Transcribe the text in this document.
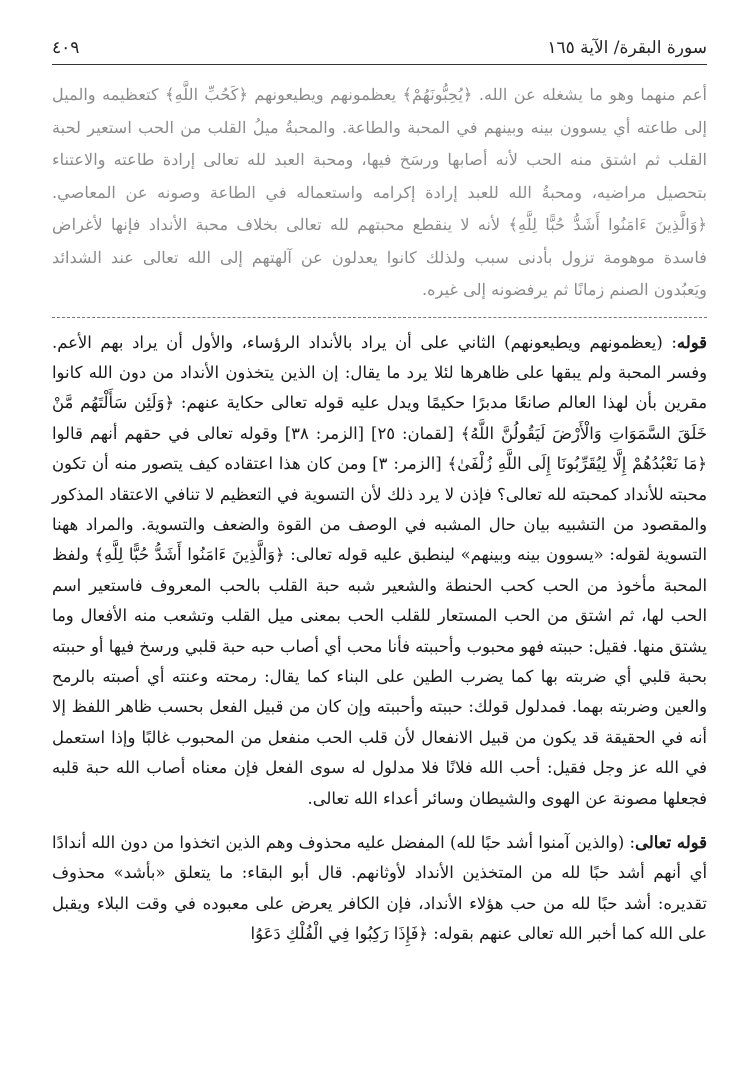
سورة البقرة/ الآية ١٦٥
٤٠٩
أعم منهما وهو ما يشغله عن الله. ﴿يُحِبُّونَهُمْ﴾ يعظمونهم ويطيعونهم ﴿كَحُبِّ اللَّهِ﴾ كتعظيمه والميل إلى طاعته أي يسوون بينه وبينهم في المحبة والطاعة. والمحبةُ ميلُ القلب من الحب استعير لحبة القلب ثم اشتق منه الحب لأنه أصابها ورسَخ فيها، ومحبة العبد لله تعالى إرادة طاعته والاعتناء بتحصيل مراضيه، ومحبةُ الله للعبد إرادة إكرامه واستعماله في الطاعة وصونه عن المعاصي. ﴿وَالَّذِينَ ءَامَنُوا أَشَدُّ حُبًّا لِلَّهِ﴾ لأنه لا ينقطع محبتهم لله تعالى بخلاف محبة الأنداد فإنها لأغراض فاسدة موهومة تزول بأدنى سبب ولذلك كانوا يعدلون عن آلهتهم إلى الله تعالى عند الشدائد ويَعبُدون الصنم زمانًا ثم يرفضونه إلى غيره.

قوله: (يعظمونهم ويطيعونهم) الثاني على أن يراد بالأنداد الرؤساء، والأول أن يراد بهم الأعم. وفسر المحبة ولم يبقها على ظاهرها لئلا يرد ما يقال: إن الذين يتخذون الأنداد من دون الله كانوا مقرين بأن لهذا العالم صانعًا مدبرًا حكيمًا ويدل عليه قوله تعالى حكاية عنهم: ﴿وَلَئِن سَأَلْتَهُم مَّنْ خَلَقَ السَّمَوَاتِ وَالْأَرْضَ لَيَقُولُنَّ اللَّهُ﴾ [لقمان: ٢٥] [الزمر: ٣٨] وقوله تعالى في حقهم أنهم قالوا ﴿مَا نَعْبُدُهُمْ إِلَّا لِيُقَرِّبُونَا إِلَى اللَّهِ زُلْفَىٰ﴾ [الزمر: ٣] ومن كان هذا اعتقاده كيف يتصور منه أن تكون محبته للأنداد كمحبته لله تعالى؟ فإذن لا يرد ذلك لأن التسوية في التعظيم لا تنافي الاعتقاد المذكور والمقصود من التشبيه بيان حال المشبه في الوصف من القوة والضعف والتسوية. والمراد ههنا التسوية لقوله: «يسوون بينه وبينهم» لينطبق عليه قوله تعالى: ﴿وَالَّذِينَ ءَامَنُوا أَشَدُّ حُبًّا لِلَّهِ﴾ ولفظ المحبة مأخوذ من الحب كحب الحنطة والشعير شبه حبة القلب بالحب المعروف فاستعير اسم الحب لها، ثم اشتق من الحب المستعار للقلب الحب بمعنى ميل القلب وتشعب منه الأفعال وما يشتق منها. فقيل: حببته فهو محبوب وأحببته فأنا محب أي أصاب حبه حبة قلبي ورسخ فيها أو حببته بحبة قلبي أي ضربته بها كما يضرب الطين على البناء كما يقال: رمحته وعنته أي أصبته بالرمح والعين وضربته بهما. فمدلول قولك: حببته وأحببته وإن كان من قبيل الفعل بحسب ظاهر اللفظ إلا أنه في الحقيقة قد يكون من قبيل الانفعال لأن قلب الحب منفعل من المحبوب غالبًا وإذا استعمل في الله عز وجل فقيل: أحب الله فلانًا فلا مدلول له سوى الفعل فإن معناه أصاب الله حبة قلبه فجعلها مصونة عن الهوى والشيطان وسائر أعداء الله تعالى.

قوله تعالى: (والذين آمنوا أشد حبًا لله) المفضل عليه محذوف وهم الذين اتخذوا من دون الله أندادًا أي أنهم أشد حبًا لله من المتخذين الأنداد لأوثانهم. قال أبو البقاء: ما يتعلق «بأشد» محذوف تقديره: أشد حبًا لله من حب هؤلاء الأنداد، فإن الكافر يعرض على معبوده في وقت البلاء ويقبل على الله كما أخبر الله تعالى عنهم بقوله: ﴿فَإِذَا رَكِبُوا فِي الْفُلْكِ دَعَوُا
